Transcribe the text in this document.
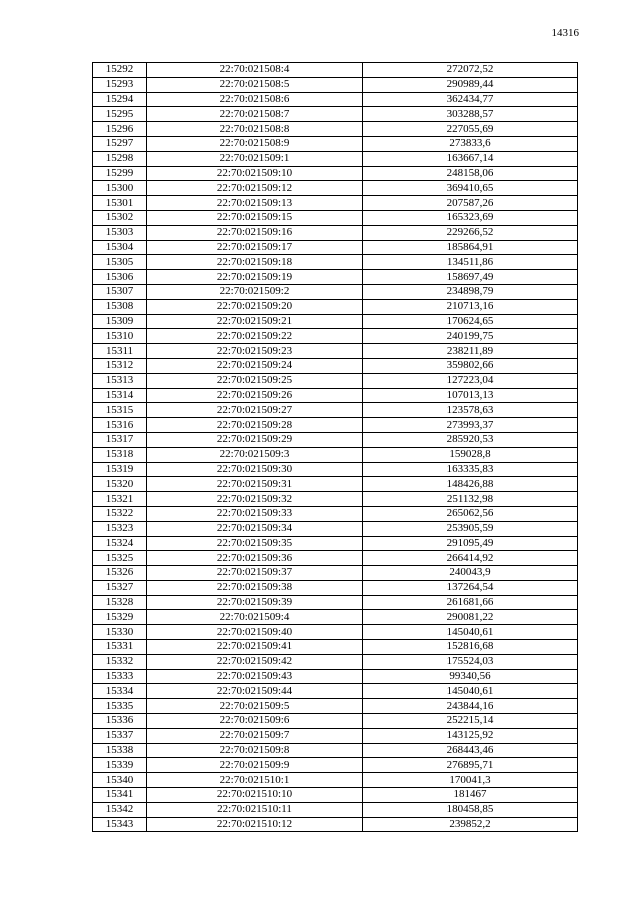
14316
15292	22:70:021508:4	272072,52
15293	22:70:021508:5	290989,44
15294	22:70:021508:6	362434,77
15295	22:70:021508:7	303288,57
15296	22:70:021508:8	227055,69
15297	22:70:021508:9	273833,6
15298	22:70:021509:1	163667,14
15299	22:70:021509:10	248158,06
15300	22:70:021509:12	369410,65
15301	22:70:021509:13	207587,26
15302	22:70:021509:15	165323,69
15303	22:70:021509:16	229266,52
15304	22:70:021509:17	185864,91
15305	22:70:021509:18	134511,86
15306	22:70:021509:19	158697,49
15307	22:70:021509:2	234898,79
15308	22:70:021509:20	210713,16
15309	22:70:021509:21	170624,65
15310	22:70:021509:22	240199,75
15311	22:70:021509:23	238211,89
15312	22:70:021509:24	359802,66
15313	22:70:021509:25	127223,04
15314	22:70:021509:26	107013,13
15315	22:70:021509:27	123578,63
15316	22:70:021509:28	273993,37
15317	22:70:021509:29	285920,53
15318	22:70:021509:3	159028,8
15319	22:70:021509:30	163335,83
15320	22:70:021509:31	148426,88
15321	22:70:021509:32	251132,98
15322	22:70:021509:33	265062,56
15323	22:70:021509:34	253905,59
15324	22:70:021509:35	291095,49
15325	22:70:021509:36	266414,92
15326	22:70:021509:37	240043,9
15327	22:70:021509:38	137264,54
15328	22:70:021509:39	261681,66
15329	22:70:021509:4	290081,22
15330	22:70:021509:40	145040,61
15331	22:70:021509:41	152816,68
15332	22:70:021509:42	175524,03
15333	22:70:021509:43	99340,56
15334	22:70:021509:44	145040,61
15335	22:70:021509:5	243844,16
15336	22:70:021509:6	252215,14
15337	22:70:021509:7	143125,92
15338	22:70:021509:8	268443,46
15339	22:70:021509:9	276895,71
15340	22:70:021510:1	170041,3
15341	22:70:021510:10	181467
15342	22:70:021510:11	180458,85
15343	22:70:021510:12	239852,2
